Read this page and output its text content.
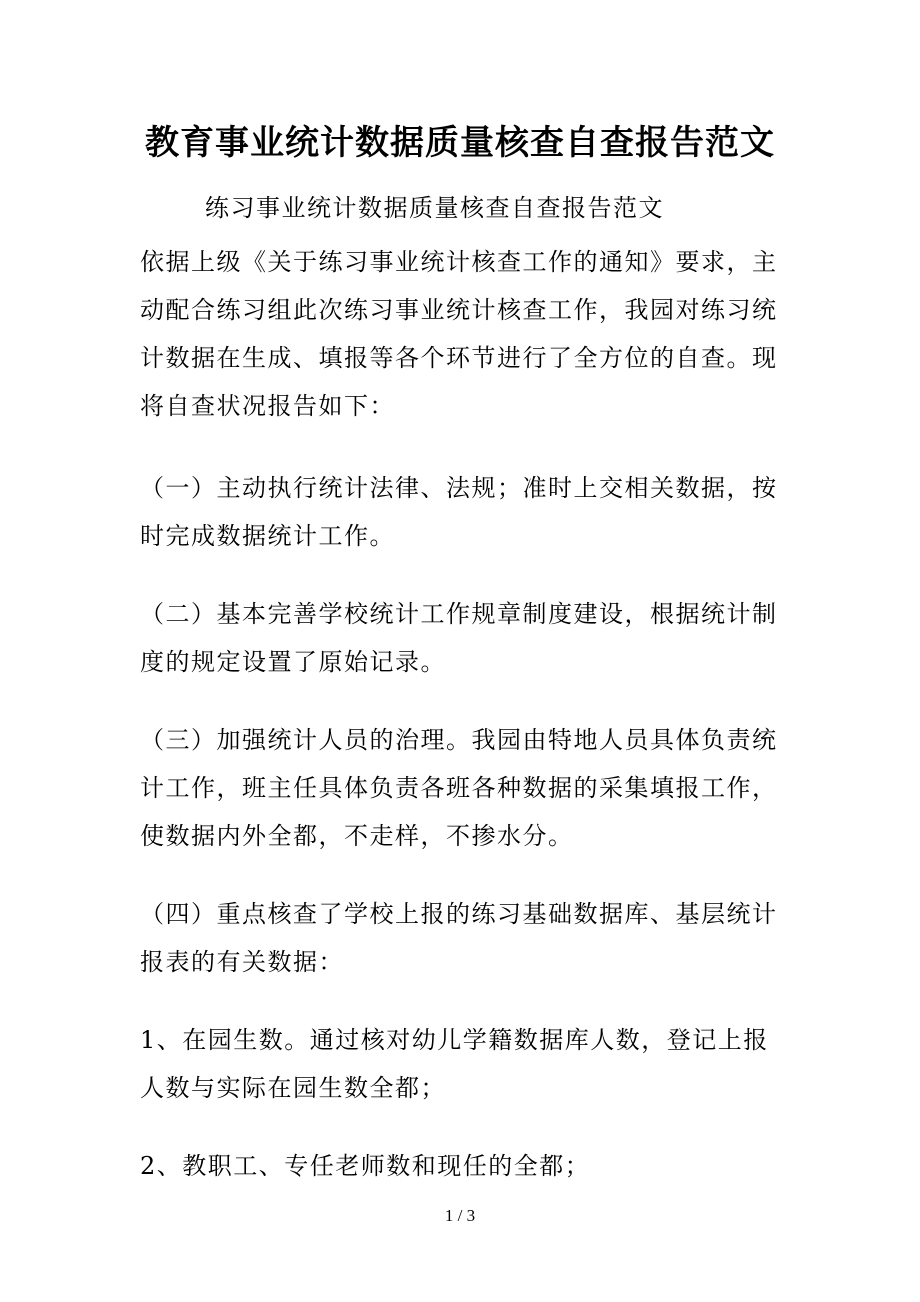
教育事业统计数据质量核查自查报告范文

练习事业统计数据质量核查自查报告范文

依据上级《关于练习事业统计核查工作的通知》要求，主动配合练习组此次练习事业统计核查工作，我园对练习统计数据在生成、填报等各个环节进行了全方位的自查。现将自查状况报告如下：

（一）主动执行统计法律、法规；准时上交相关数据，按时完成数据统计工作。

（二）基本完善学校统计工作规章制度建设，根据统计制度的规定设置了原始记录。

（三）加强统计人员的治理。我园由特地人员具体负责统计工作，班主任具体负责各班各种数据的采集填报工作，使数据内外全都，不走样，不掺水分。

（四）重点核查了学校上报的练习基础数据库、基层统计报表的有关数据：

1、在园生数。通过核对幼儿学籍数据库人数，登记上报人数与实际在园生数全都；

2、教职工、专任老师数和现任的全都；

1 / 3
